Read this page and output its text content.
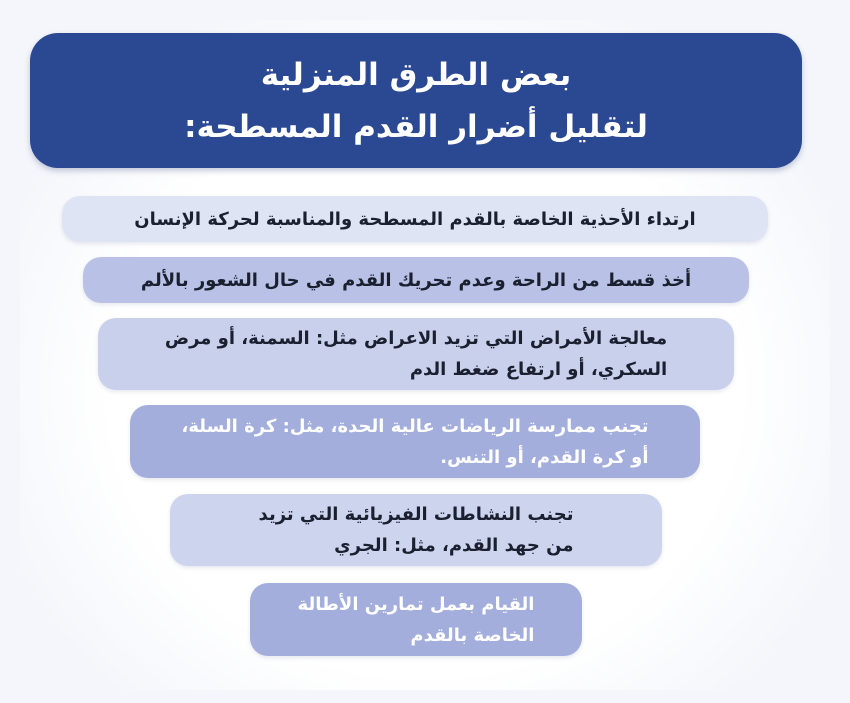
بعض الطرق المنزلية
لتقليل أضرار القدم المسطحة:
ارتداء الأحذية الخاصة بالقدم المسطحة والمناسبة لحركة الإنسان
أخذ قسط من الراحة وعدم تحريك القدم في حال الشعور بالألم
معالجة الأمراض التي تزيد الاعراض مثل: السمنة، أو مرض
السكري، أو ارتفاع ضغط الدم
تجنب ممارسة الرياضات عالية الحدة، مثل: كرة السلة،
أو كرة القدم، أو التنس.
تجنب النشاطات الفيزيائية التي تزيد
من جهد القدم، مثل: الجري
القيام بعمل تمارين الأطالة
الخاصة بالقدم
